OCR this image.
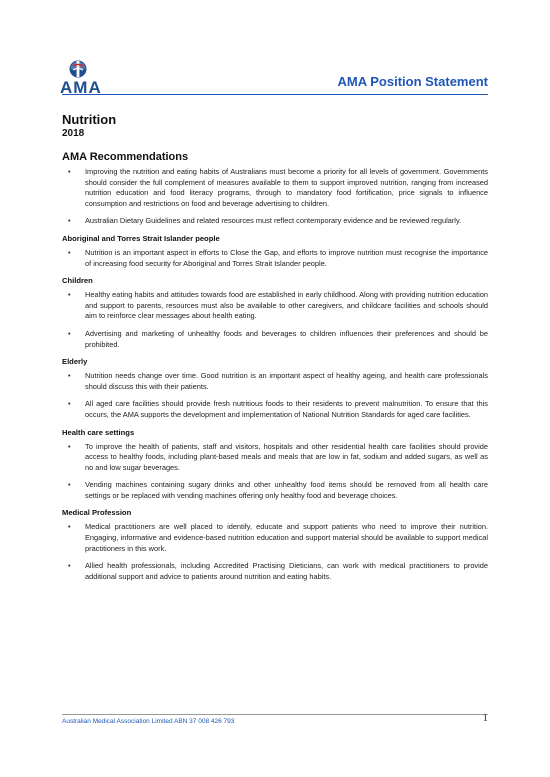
AMA	AMA Position Statement
Nutrition
2018
AMA Recommendations
• Improving the nutrition and eating habits of Australians must become a priority for all levels of government. Governments should consider the full complement of measures available to them to support improved nutrition, ranging from increased nutrition education and food literacy programs, through to mandatory food fortification, price signals to influence consumption and restrictions on food and beverage advertising to children.
• Australian Dietary Guidelines and related resources must reflect contemporary evidence and be reviewed regularly.
Aboriginal and Torres Strait Islander people
• Nutrition is an important aspect in efforts to Close the Gap, and efforts to improve nutrition must recognise the importance of increasing food security for Aboriginal and Torres Strait Islander people.
Children
• Healthy eating habits and attitudes towards food are established in early childhood. Along with providing nutrition education and support to parents, resources must also be available to other caregivers, and childcare facilities and schools should aim to reinforce clear messages about health eating.
• Advertising and marketing of unhealthy foods and beverages to children influences their preferences and should be prohibited.
Elderly
• Nutrition needs change over time. Good nutrition is an important aspect of healthy ageing, and health care professionals should discuss this with their patients.
• All aged care facilities should provide fresh nutritious foods to their residents to prevent malnutrition. To ensure that this occurs, the AMA supports the development and implementation of National Nutrition Standards for aged care facilities.
Health care settings
• To improve the health of patients, staff and visitors, hospitals and other residential health care facilities should provide access to healthy foods, including plant-based meals and meals that are low in fat, sodium and added sugars, as well as no and low sugar beverages.
• Vending machines containing sugary drinks and other unhealthy food items should be removed from all health care settings or be replaced with vending machines offering only healthy food and beverage choices.
Medical Profession
• Medical practitioners are well placed to identify, educate and support patients who need to improve their nutrition. Engaging, informative and evidence-based nutrition education and support material should be available to support medical practitioners in this work.
• Allied health professionals, including Accredited Practising Dieticians, can work with medical practitioners to provide additional support and advice to patients around nutrition and eating habits.
Australian Medical Association Limited ABN 37 008 426 793	1
